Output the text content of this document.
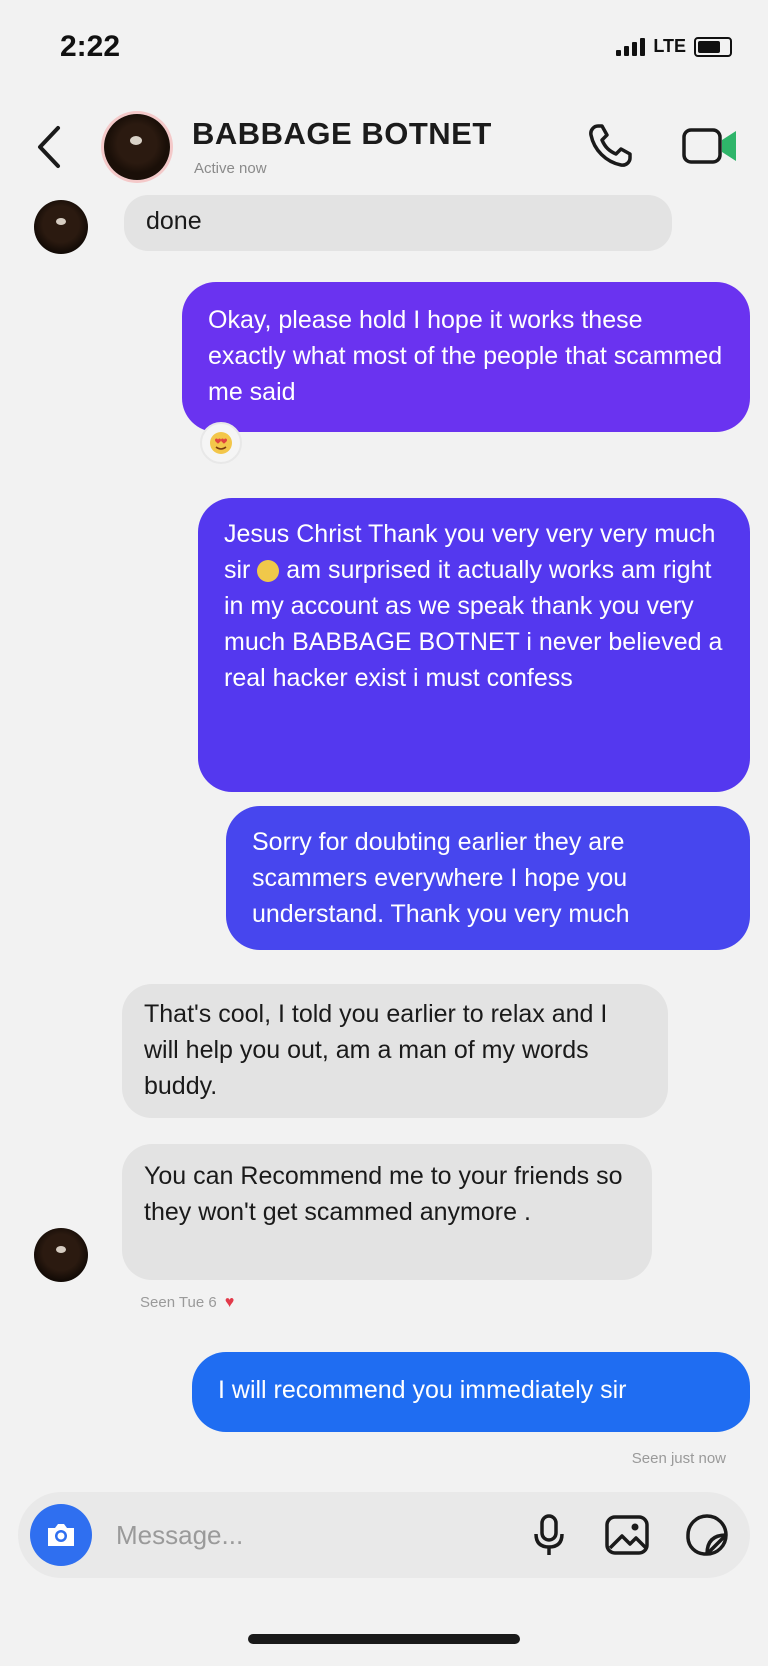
2:22	LTE
BABBAGE BOTNET
Active now
done
Okay, please hold I hope it works these exactly what most of the people that scammed me said
Jesus Christ Thank you very very very much sir am surprised it actually works am right in my account as we speak thank you very much BABBAGE BOTNET i never believed a real hacker exist i must confess
Sorry for doubting earlier they are scammers everywhere I hope you understand. Thank you very much
That's cool, I told you earlier to relax and I will help you out, am a man of my words buddy.
You can Recommend me to your friends so they won't get scammed anymore .
Seen Tue 6 ♥
I will recommend you immediately sir
Seen just now
Message...
